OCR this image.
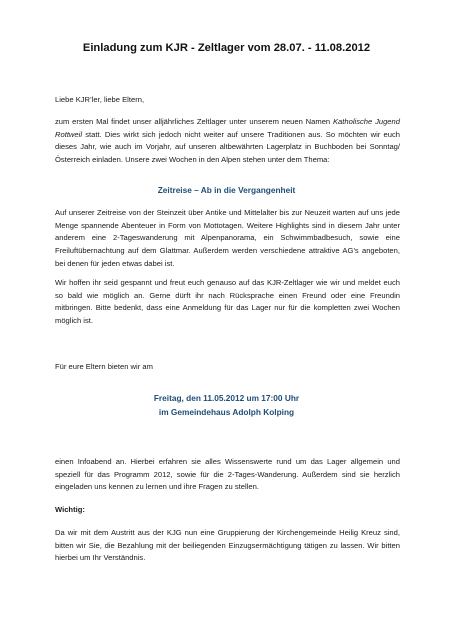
Einladung zum KJR - Zeltlager vom 28.07. - 11.08.2012
Liebe KJR’ler, liebe Eltern,
zum ersten Mal findet unser alljährliches Zeltlager unter unserem neuen Namen Katholische Jugend Rottweil statt. Dies wirkt sich jedoch nicht weiter auf unsere Traditionen aus. So möchten wir euch dieses Jahr, wie auch im Vorjahr, auf unseren altbewährten Lagerplatz in Buchboden bei Sonntag/Österreich einladen. Unsere zwei Wochen in den Alpen stehen unter dem Thema:
Zeitreise – Ab in die Vergangenheit
Auf unserer Zeitreise von der Steinzeit über Antike und Mittelalter bis zur Neuzeit warten auf uns jede Menge spannende Abenteuer in Form von Mottotagen. Weitere Highlights sind in diesem Jahr unter anderem eine 2-Tageswanderung mit Alpenpanorama, ein Schwimmbadbesuch, sowie eine Freiluftübernachtung auf dem Glattmar. Außerdem werden verschiedene attraktive AG’s angeboten, bei denen für jeden etwas dabei ist.
Wir hoffen ihr seid gespannt und freut euch genauso auf das KJR-Zeltlager wie wir und meldet euch so bald wie möglich an. Gerne dürft ihr nach Rücksprache einen Freund oder eine Freundin mitbringen. Bitte bedenkt, dass eine Anmeldung für das Lager nur für die kompletten zwei Wochen möglich ist.
Für eure Eltern bieten wir am
Freitag, den 11.05.2012 um 17:00 Uhr
im Gemeindehaus Adolph Kolping
einen Infoabend an. Hierbei erfahren sie alles Wissenswerte rund um das Lager allgemein und speziell für das Programm 2012, sowie für die 2-Tages-Wanderung. Außerdem sind sie herzlich eingeladen uns kennen zu lernen und ihre Fragen zu stellen.
Wichtig:
Da wir mit dem Austritt aus der KJG nun eine Gruppierung der Kirchengemeinde Heilig Kreuz sind, bitten wir Sie, die Bezahlung mit der beiliegenden Einzugsermächtigung tätigen zu lassen. Wir bitten hierbei um Ihr Verständnis.
